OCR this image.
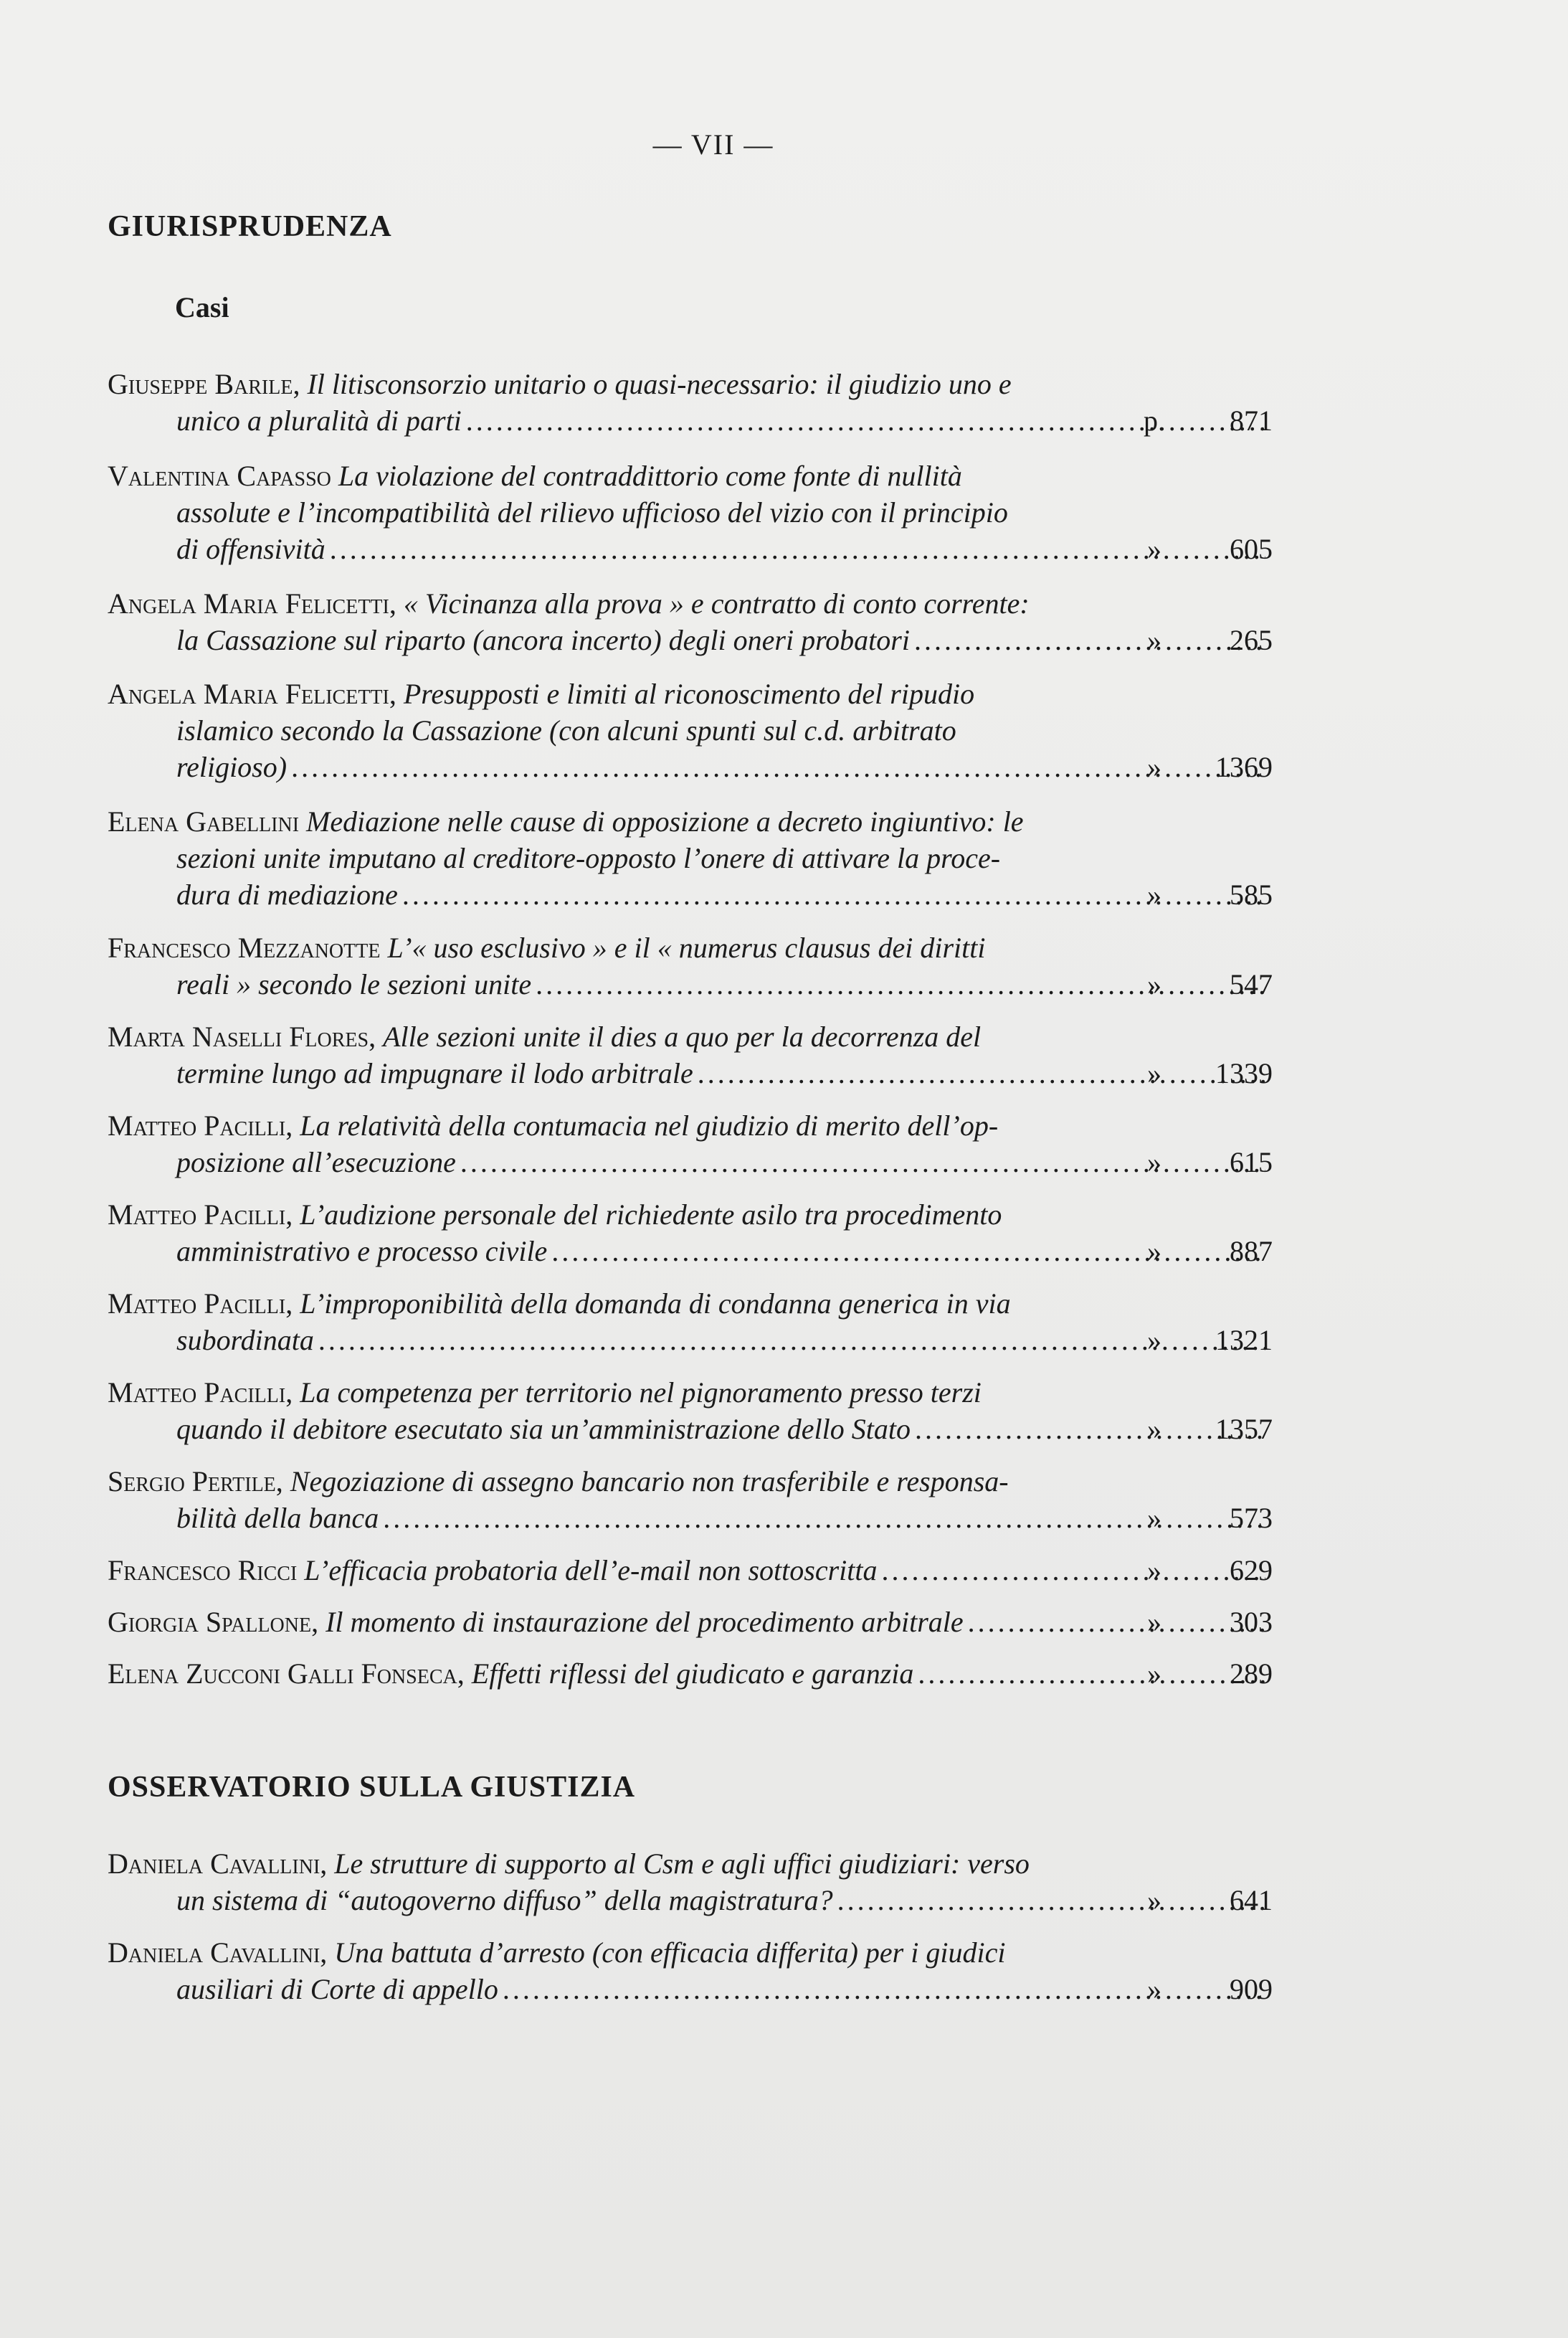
— VII —
GIURISPRUDENZA
Casi
Giuseppe Barile, Il litisconsorzio unitario o quasi-necessario: il giudizio uno e
unico a pluralità di parti . . .	p.	871
Valentina Capasso La violazione del contraddittorio come fonte di nullità
assolute e l’incompatibilità del rilievo ufficioso del vizio con il principio
di offensività . . .	»	605
Angela Maria Felicetti, « Vicinanza alla prova » e contratto di conto corrente:
la Cassazione sul riparto (ancora incerto) degli oneri probatori . . .	»	265
Angela Maria Felicetti, Presupposti e limiti al riconoscimento del ripudio
islamico secondo la Cassazione (con alcuni spunti sul c.d. arbitrato
religioso) . . .	»	1369
Elena Gabellini Mediazione nelle cause di opposizione a decreto ingiuntivo: le
sezioni unite imputano al creditore-opposto l’onere di attivare la proce-
dura di mediazione . . .	»	585
Francesco Mezzanotte L’« uso esclusivo » e il « numerus clausus dei diritti
reali » secondo le sezioni unite . . .	»	547
Marta Naselli Flores, Alle sezioni unite il dies a quo per la decorrenza del
termine lungo ad impugnare il lodo arbitrale . . .	»	1339
Matteo Pacilli, La relatività della contumacia nel giudizio di merito dell’op-
posizione all’esecuzione . . .	»	615
Matteo Pacilli, L’audizione personale del richiedente asilo tra procedimento
amministrativo e processo civile . . .	»	887
Matteo Pacilli, L’improponibilità della domanda di condanna generica in via
subordinata . . .	»	1321
Matteo Pacilli, La competenza per territorio nel pignoramento presso terzi
quando il debitore esecutato sia un’amministrazione dello Stato . . .	»	1357
Sergio Pertile, Negoziazione di assegno bancario non trasferibile e responsa-
bilità della banca . . .	»	573
Francesco Ricci L’efficacia probatoria dell’e-mail non sottoscritta . . .	»	629
Giorgia Spallone, Il momento di instaurazione del procedimento arbitrale . . .	»	303
Elena Zucconi Galli Fonseca, Effetti riflessi del giudicato e garanzia . . .	»	289
OSSERVATORIO SULLA GIUSTIZIA
Daniela Cavallini, Le strutture di supporto al Csm e agli uffici giudiziari: verso
un sistema di “autogoverno diffuso” della magistratura? . . .	»	641
Daniela Cavallini, Una battuta d’arresto (con efficacia differita) per i giudici
ausiliari di Corte di appello . . .	»	909
